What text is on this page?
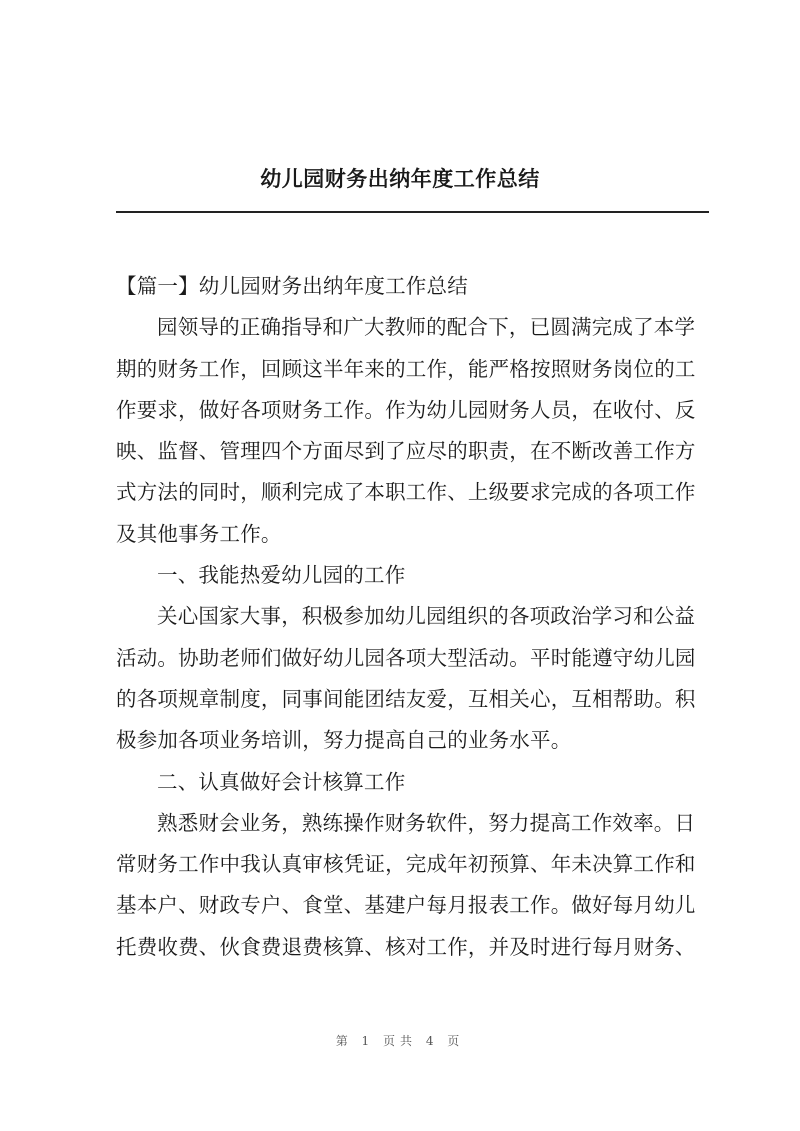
幼儿园财务出纳年度工作总结
【篇一】幼儿园财务出纳年度工作总结
园领导的正确指导和广大教师的配合下，已圆满完成了本学
期的财务工作，回顾这半年来的工作，能严格按照财务岗位的工
作要求，做好各项财务工作。作为幼儿园财务人员，在收付、反
映、监督、管理四个方面尽到了应尽的职责，在不断改善工作方
式方法的同时，顺利完成了本职工作、上级要求完成的各项工作
及其他事务工作。
一、我能热爱幼儿园的工作
关心国家大事，积极参加幼儿园组织的各项政治学习和公益
活动。协助老师们做好幼儿园各项大型活动。平时能遵守幼儿园
的各项规章制度，同事间能团结友爱，互相关心，互相帮助。积
极参加各项业务培训，努力提高自己的业务水平。
二、认真做好会计核算工作
熟悉财会业务，熟练操作财务软件，努力提高工作效率。日
常财务工作中我认真审核凭证，完成年初预算、年未决算工作和
基本户、财政专户、食堂、基建户每月报表工作。做好每月幼儿
托费收费、伙食费退费核算、核对工作，并及时进行每月财务、
第 1 页共 4 页
